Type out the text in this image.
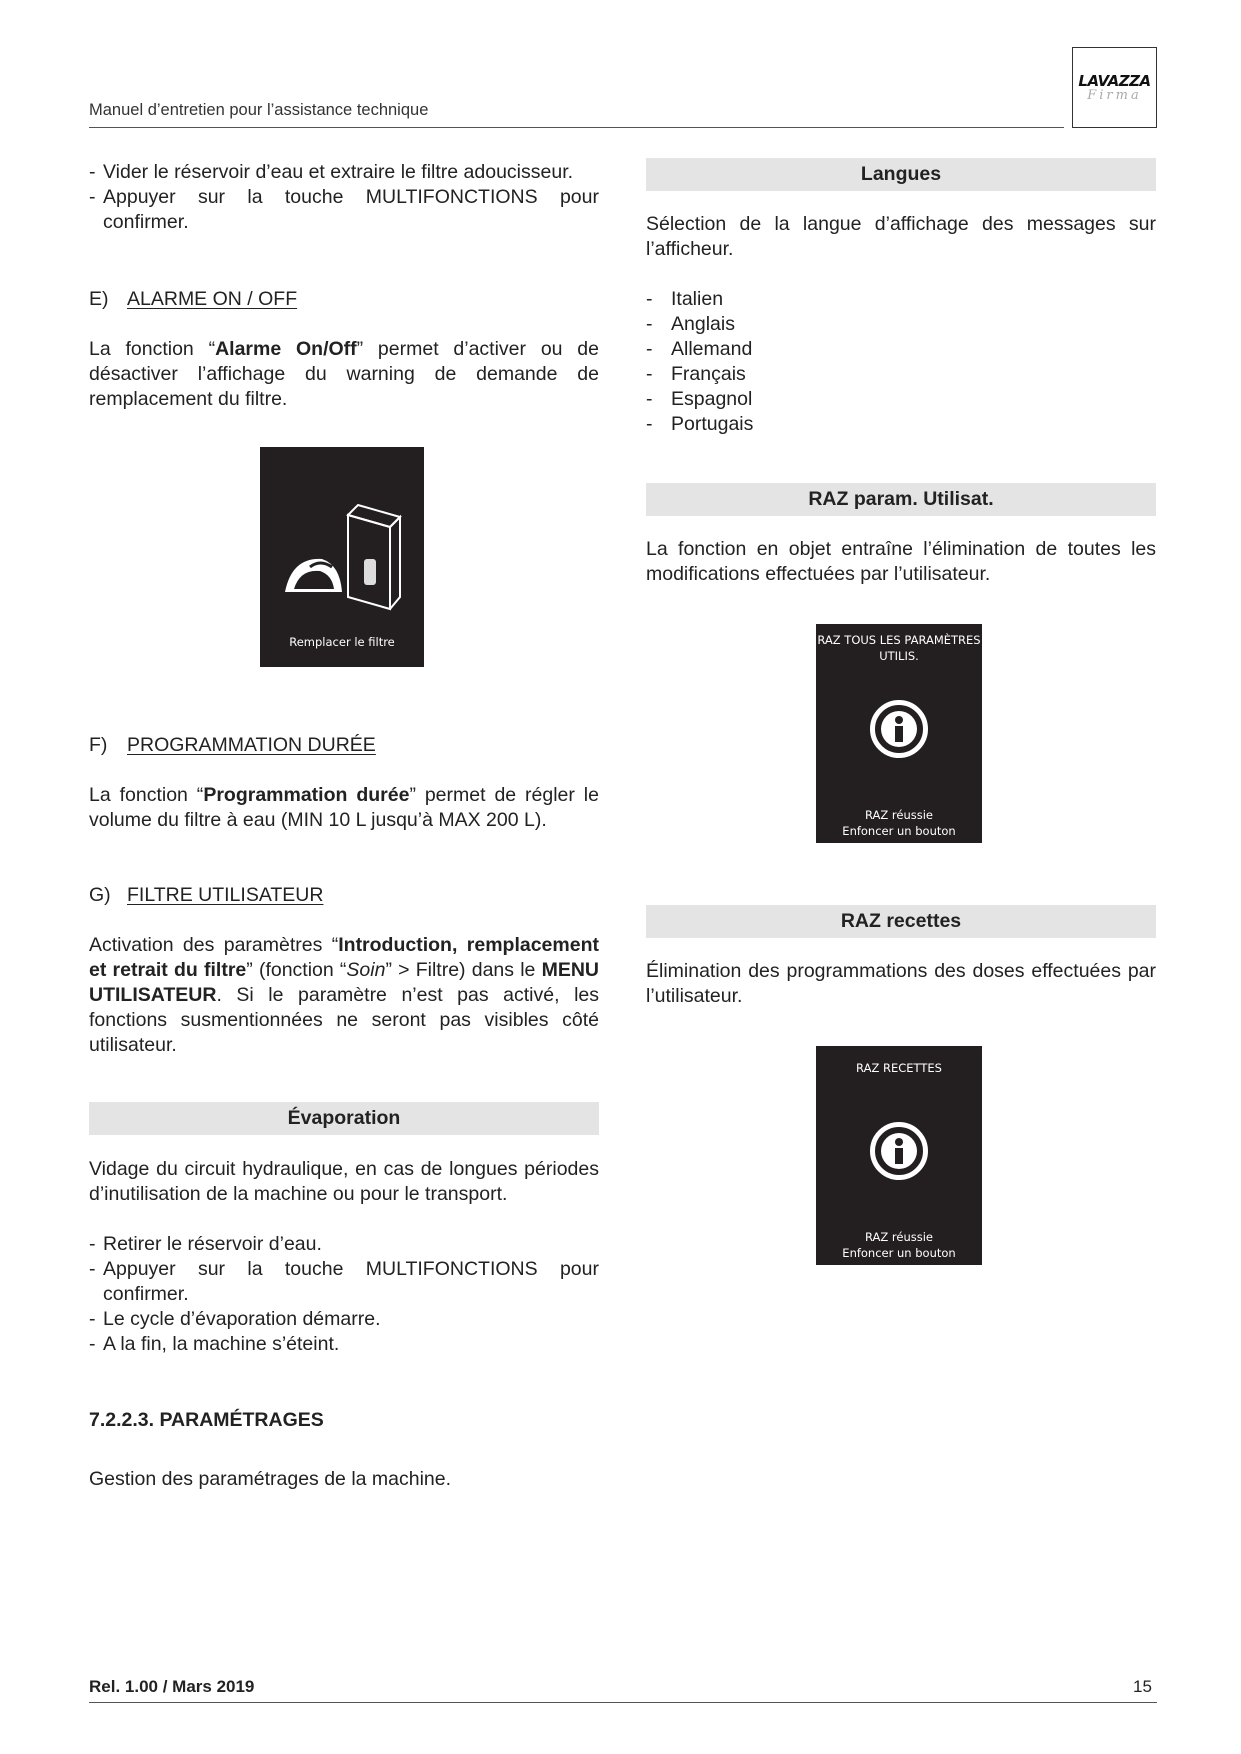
Manuel d’entretien pour l’assistance technique
LAVAZZA
Firma
- Vider le réservoir d’eau et extraire le filtre adoucisseur.
- Appuyer sur la touche MULTIFONCTIONS pour confirmer.
E) ALARME ON / OFF
La fonction “Alarme On/Off” permet d’activer ou de désactiver l’affichage du warning de demande de remplacement du filtre.
Remplacer le filtre
F) PROGRAMMATION DURÉE
La fonction “Programmation durée” permet de régler le volume du filtre à eau (MIN 10 L jusqu’à MAX 200 L).
G) FILTRE UTILISATEUR
Activation des paramètres “Introduction, remplacement et retrait du filtre” (fonction “Soin” > Filtre) dans le MENU UTILISATEUR. Si le paramètre n’est pas activé, les fonctions susmentionnées ne seront pas visibles côté utilisateur.
Évaporation
Vidage du circuit hydraulique, en cas de longues périodes d’inutilisation de la machine ou pour le transport.
- Retirer le réservoir d’eau.
- Appuyer sur la touche MULTIFONCTIONS pour confirmer.
- Le cycle d’évaporation démarre.
- A la fin, la machine s’éteint.
7.2.2.3. PARAMÉTRAGES
Gestion des paramétrages de la machine.
Langues
Sélection de la langue d’affichage des messages sur l’afficheur.
- Italien
- Anglais
- Allemand
- Français
- Espagnol
- Portugais
RAZ param. Utilisat.
La fonction en objet entraîne l’élimination de toutes les modifications effectuées par l’utilisateur.
RAZ TOUS LES PARAMÈTRES
UTILIS.
RAZ réussie
Enfoncer un bouton
RAZ recettes
Élimination des programmations des doses effectuées par l’utilisateur.
RAZ RECETTES
RAZ réussie
Enfoncer un bouton
Rel. 1.00 / Mars 2019	15
